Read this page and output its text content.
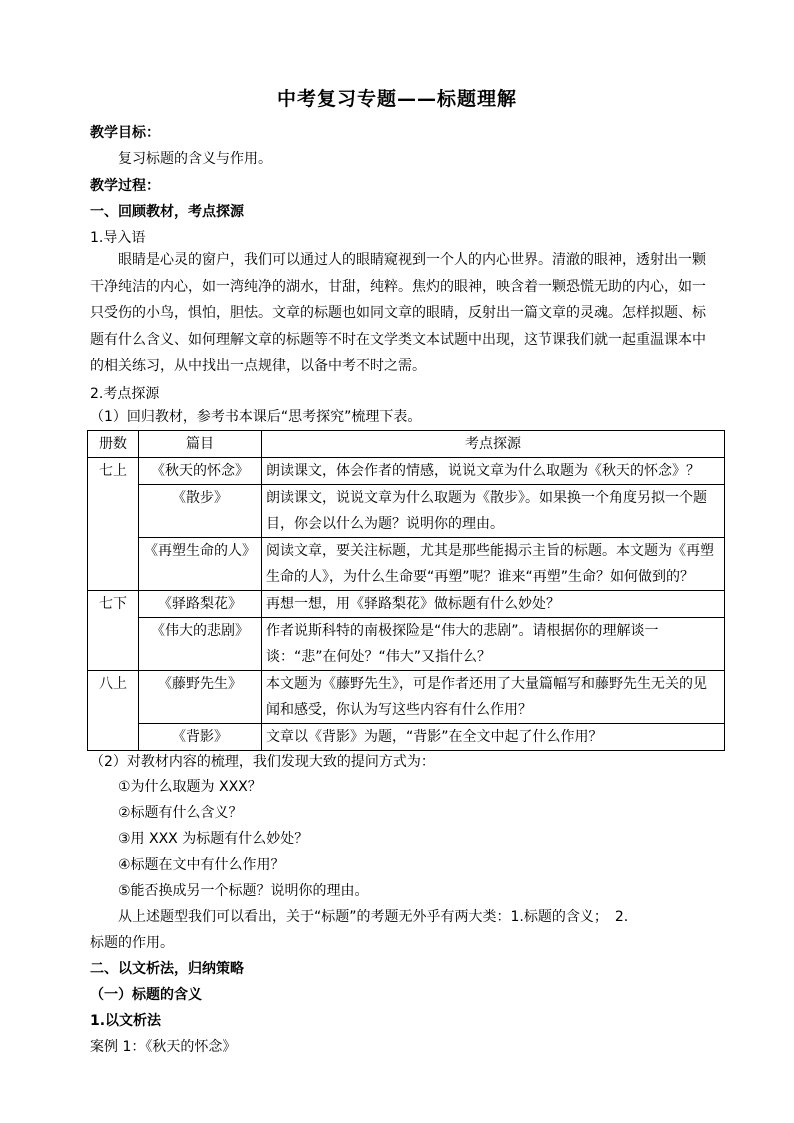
中考复习专题——标题理解
教学目标：
复习标题的含义与作用。
教学过程：
一、回顾教材，考点探源
1.导入语

眼睛是心灵的窗户，我们可以通过人的眼睛窥视到一个人的内心世界。清澈的眼神，透射出一颗干净纯洁的内心，如一湾纯净的湖水，甘甜，纯粹。焦灼的眼神，映含着一颗恐慌无助的内心，如一只受伤的小鸟，惧怕，胆怯。文章的标题也如同文章的眼睛，反射出一篇文章的灵魂。怎样拟题、标题有什么含义、如何理解文章的标题等不时在文学类文本试题中出现，这节课我们就一起重温课本中的相关练习，从中找出一点规律，以备中考不时之需。

2.考点探源
（1）回归教材，参考书本课后“思考探究”梳理下表。
册数	篇目	考点探源
七上	《秋天的怀念》	朗读课文，体会作者的情感，说说文章为什么取题为《秋天的怀念》？
	《散步》	朗读课文，说说文章为什么取题为《散步》。如果换一个角度另拟一个题目，你会以什么为题？说明你的理由。
	《再塑生命的人》	阅读文章，要关注标题，尤其是那些能揭示主旨的标题。本文题为《再塑生命的人》，为什么生命要“再塑”呢？谁来“再塑”生命？如何做到的？
七下	《驿路梨花》	再想一想，用《驿路梨花》做标题有什么妙处？
	《伟大的悲剧》	作者说斯科特的南极探险是“伟大的悲剧”。请根据你的理解谈一谈：“悲”在何处？“伟大”又指什么？
八上	《藤野先生》	本文题为《藤野先生》，可是作者还用了大量篇幅写和藤野先生无关的见闻和感受，你认为写这些内容有什么作用？
	《背影》	文章以《背影》为题，“背影”在全文中起了什么作用？
（2）对教材内容的梳理，我们发现大致的提问方式为：
①为什么取题为 XXX？
②标题有什么含义？
③用 XXX 为标题有什么妙处？
④标题在文中有什么作用？
⑤能否换成另一个标题？说明你的理由。
从上述题型我们可以看出，关于“标题”的考题无外乎有两大类：1.标题的含义；　2.
标题的作用。
二、以文析法，归纳策略
（一）标题的含义
1.以文析法
案例 1：《秋天的怀念》
